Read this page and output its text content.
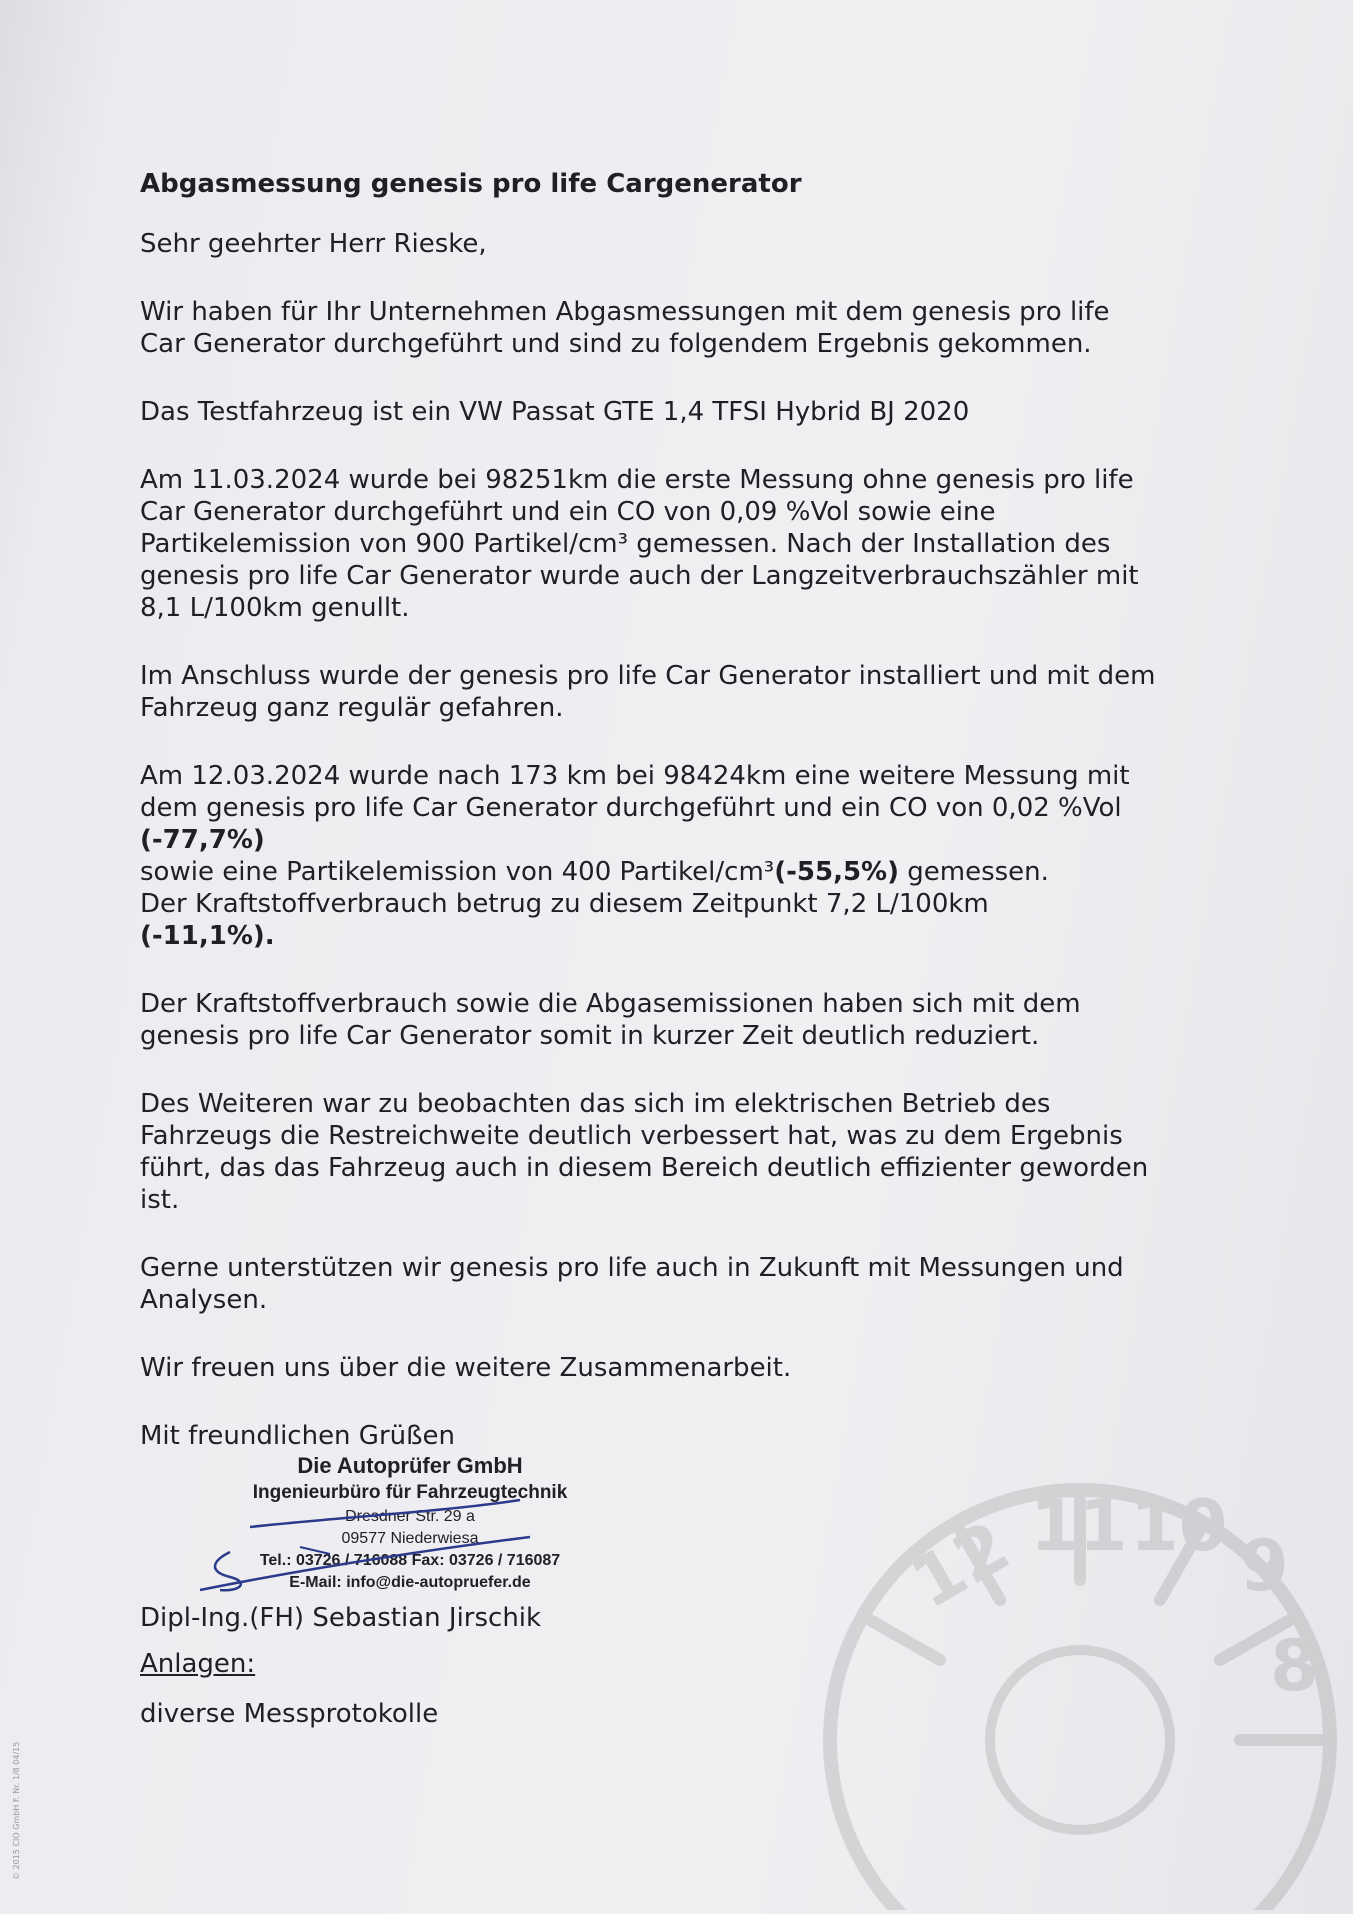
12 11 10 9
8
Abgasmessung genesis pro life Cargenerator
Sehr geehrter Herr Rieske,
Wir haben für Ihr Unternehmen Abgasmessungen mit dem genesis pro life Car Generator durchgeführt und sind zu folgendem Ergebnis gekommen.
Das Testfahrzeug ist ein VW Passat GTE 1,4 TFSI Hybrid BJ 2020
Am 11.03.2024 wurde bei 98251km die erste Messung ohne genesis pro life Car Generator durchgeführt und ein CO von 0,09 %Vol sowie eine Partikelemission von 900 Partikel/cm³ gemessen. Nach der Installation des genesis pro life Car Generator wurde auch der Langzeitverbrauchszähler mit 8,1 L/100km genullt.
Im Anschluss wurde der genesis pro life Car Generator installiert und mit dem Fahrzeug ganz regulär gefahren.
Am 12.03.2024 wurde nach 173 km bei 98424km eine weitere Messung mit dem genesis pro life Car Generator durchgeführt und ein CO von 0,02 %Vol (-77,7%)
sowie eine Partikelemission von 400 Partikel/cm³(-55,5%) gemessen.
Der Kraftstoffverbrauch betrug zu diesem Zeitpunkt 7,2 L/100km
(-11,1%).
Der Kraftstoffverbrauch sowie die Abgasemissionen haben sich mit dem genesis pro life Car Generator somit in kurzer Zeit deutlich reduziert.
Des Weiteren war zu beobachten das sich im elektrischen Betrieb des Fahrzeugs die Restreichweite deutlich verbessert hat, was zu dem Ergebnis führt, das das Fahrzeug auch in diesem Bereich deutlich effizienter geworden ist.
Gerne unterstützen wir genesis pro life auch in Zukunft mit Messungen und Analysen.
Wir freuen uns über die weitere Zusammenarbeit.
Mit freundlichen Grüßen
Die Autoprüfer GmbH
Ingenieurbüro für Fahrzeugtechnik
Dresdner Str. 29 a
09577 Niederwiesa
Tel.: 03726 / 716088 Fax: 03726 / 716087
E-Mail: info@die-autopruefer.de
Dipl-Ing.(FH) Sebastian Jirschik
Anlagen:
diverse Messprotokolle
© 2015 CIO GmbH F. Nr. 1/8 04/15
